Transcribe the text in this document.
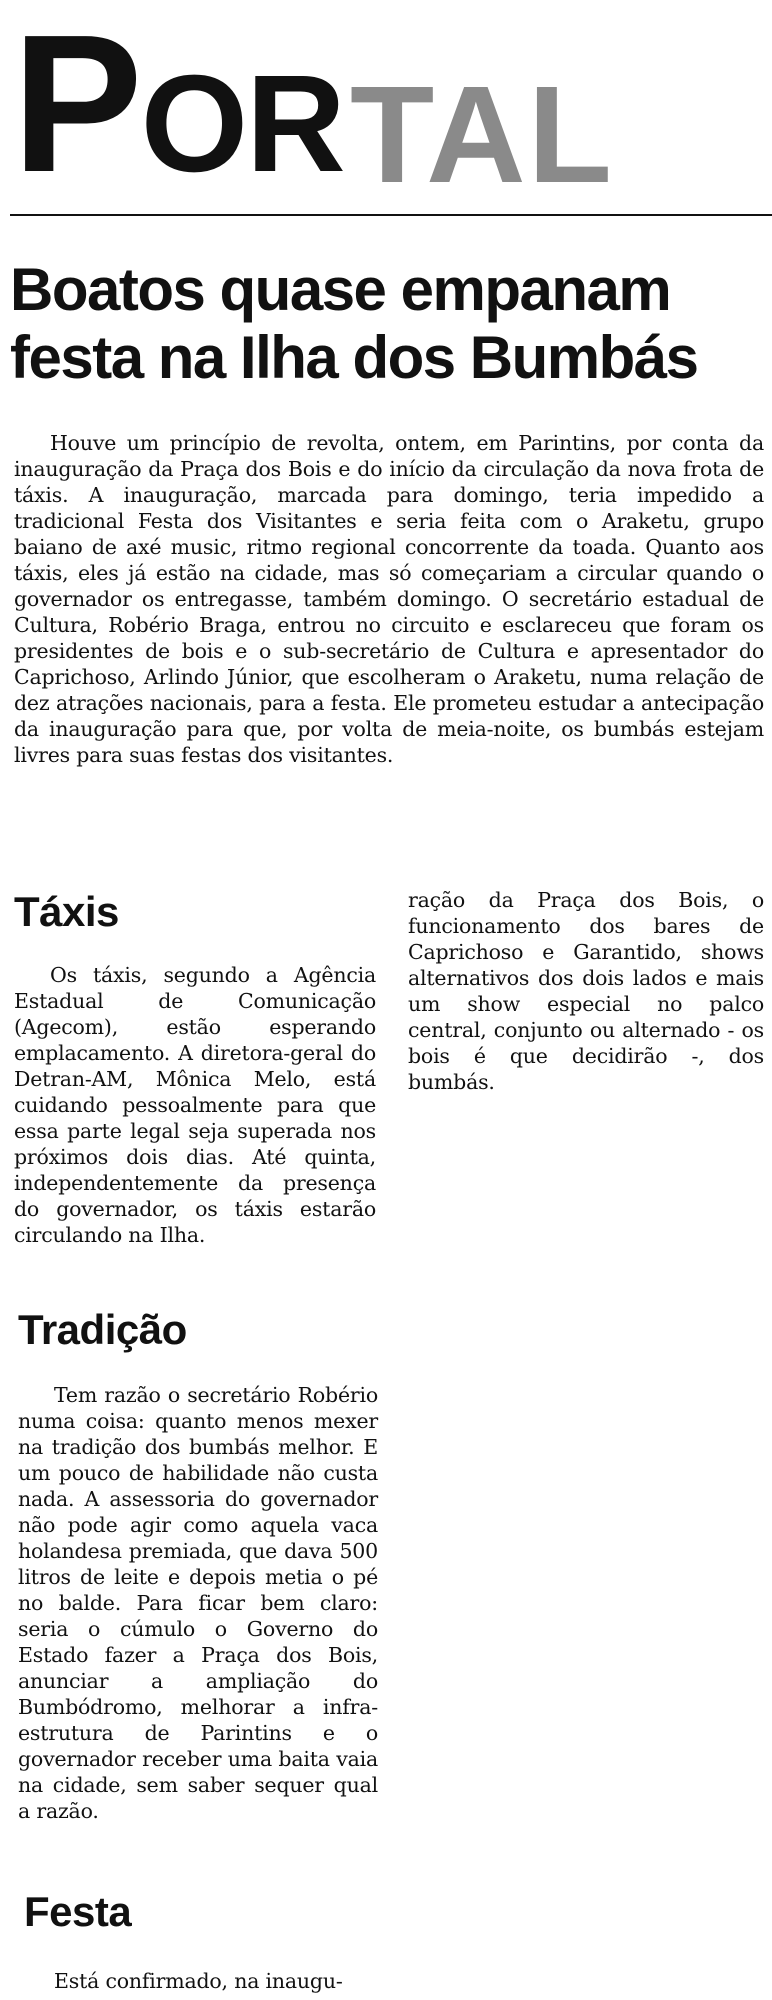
POR TAL
Boatos quase empanam festa na Ilha dos Bumbás

Houve um princípio de revolta, ontem, em Parintins, por conta da inauguração da Praça dos Bois e do início da circulação da nova frota de táxis. A inauguração, marcada para domingo, teria impedido a tradicional Festa dos Visitantes e seria feita com o Araketu, grupo baiano de axé music, ritmo regional concorrente da toada. Quanto aos táxis, eles já estão na cidade, mas só começariam a circular quando o governador os entregasse, também domingo. O secretário estadual de Cultura, Robério Braga, entrou no circuito e esclareceu que foram os presidentes de bois e o sub-secretário de Cultura e apresentador do Caprichoso, Arlindo Júnior, que escolheram o Araketu, numa relação de dez atrações nacionais, para a festa. Ele prometeu estudar a antecipação da inauguração para que, por volta de meia-noite, os bumbás estejam livres para suas festas dos visitantes.

Táxis

Os táxis, segundo a Agência Estadual de Comunicação (Agecom), estão esperando emplacamento. A diretora-geral do Detran-AM, Mônica Melo, está cuidando pessoalmente para que essa parte legal seja superada nos próximos dois dias. Até quinta, independentemente da presença do governador, os táxis estarão circulando na Ilha.

Tradição

Tem razão o secretário Robério numa coisa: quanto menos mexer na tradição dos bumbás melhor. E um pouco de habilidade não custa nada. A assessoria do governador não pode agir como aquela vaca holandesa premiada, que dava 500 litros de leite e depois metia o pé no balde. Para ficar bem claro: seria o cúmulo o Governo do Estado fazer a Praça dos Bois, anunciar a ampliação do Bumbódromo, melhorar a infra-estrutura de Parintins e o governador receber uma baita vaia na cidade, sem saber sequer qual a razão.

Festa

Está confirmado, na inaugu-

ração da Praça dos Bois, o funcionamento dos bares de Caprichoso e Garantido, shows alternativos dos dois lados e mais um show especial no palco central, conjunto ou alternado - os bois é que decidirão -, dos bumbás.
